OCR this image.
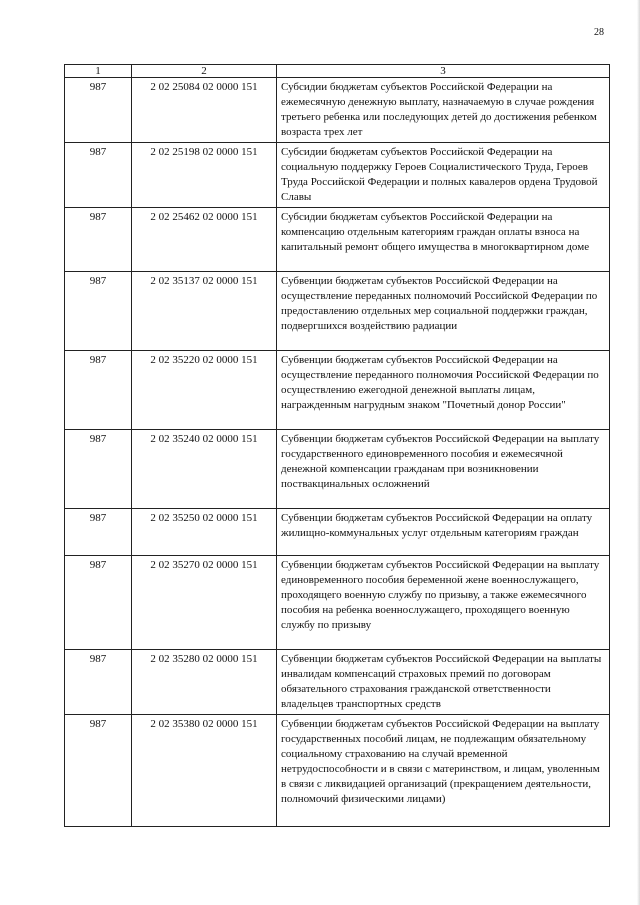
28
1	2	3
987	2 02 25084 02 0000 151	Субсидии бюджетам субъектов Российской Федерации на ежемесячную денежную выплату, назначаемую в случае рождения третьего ребенка или последующих детей до достижения ребенком возраста трех лет
987	2 02 25198 02 0000 151	Субсидии бюджетам субъектов Российской Федерации на социальную поддержку Героев Социалистического Труда, Героев Труда Российской Федерации и полных кавалеров ордена Трудовой Славы
987	2 02 25462 02 0000 151	Субсидии бюджетам субъектов Российской Федерации на компенсацию отдельным категориям граждан оплаты взноса на капитальный ремонт общего имущества в многоквартирном доме
987	2 02 35137 02 0000 151	Субвенции бюджетам субъектов Российской Федерации на осуществление переданных полномочий Российской Федерации по предоставлению отдельных мер социальной поддержки граждан, подвергшихся воздействию радиации
987	2 02 35220 02 0000 151	Субвенции бюджетам субъектов Российской Федерации на осуществление переданного полномочия Российской Федерации по осуществлению ежегодной денежной выплаты лицам, награжденным нагрудным знаком "Почетный донор России"
987	2 02 35240 02 0000 151	Субвенции бюджетам субъектов Российской Федерации на выплату государственного единовременного пособия и ежемесячной денежной компенсации гражданам при возникновении поствакцинальных осложнений
987	2 02 35250 02 0000 151	Субвенции бюджетам субъектов Российской Федерации на оплату жилищно-коммунальных услуг отдельным категориям граждан
987	2 02 35270 02 0000 151	Субвенции бюджетам субъектов Российской Федерации на выплату единовременного пособия беременной жене военнослужащего, проходящего военную службу по призыву, а также ежемесячного пособия на ребенка военнослужащего, проходящего военную службу по призыву
987	2 02 35280 02 0000 151	Субвенции бюджетам субъектов Российской Федерации на выплаты инвалидам компенсаций страховых премий по договорам обязательного страхования гражданской ответственности владельцев транспортных средств
987	2 02 35380 02 0000 151	Субвенции бюджетам субъектов Российской Федерации на выплату государственных пособий лицам, не подлежащим обязательному социальному страхованию на случай временной нетрудоспособности и в связи с материнством, и лицам, уволенным в связи с ликвидацией организаций (прекращением деятельности, полномочий физическими лицами)
